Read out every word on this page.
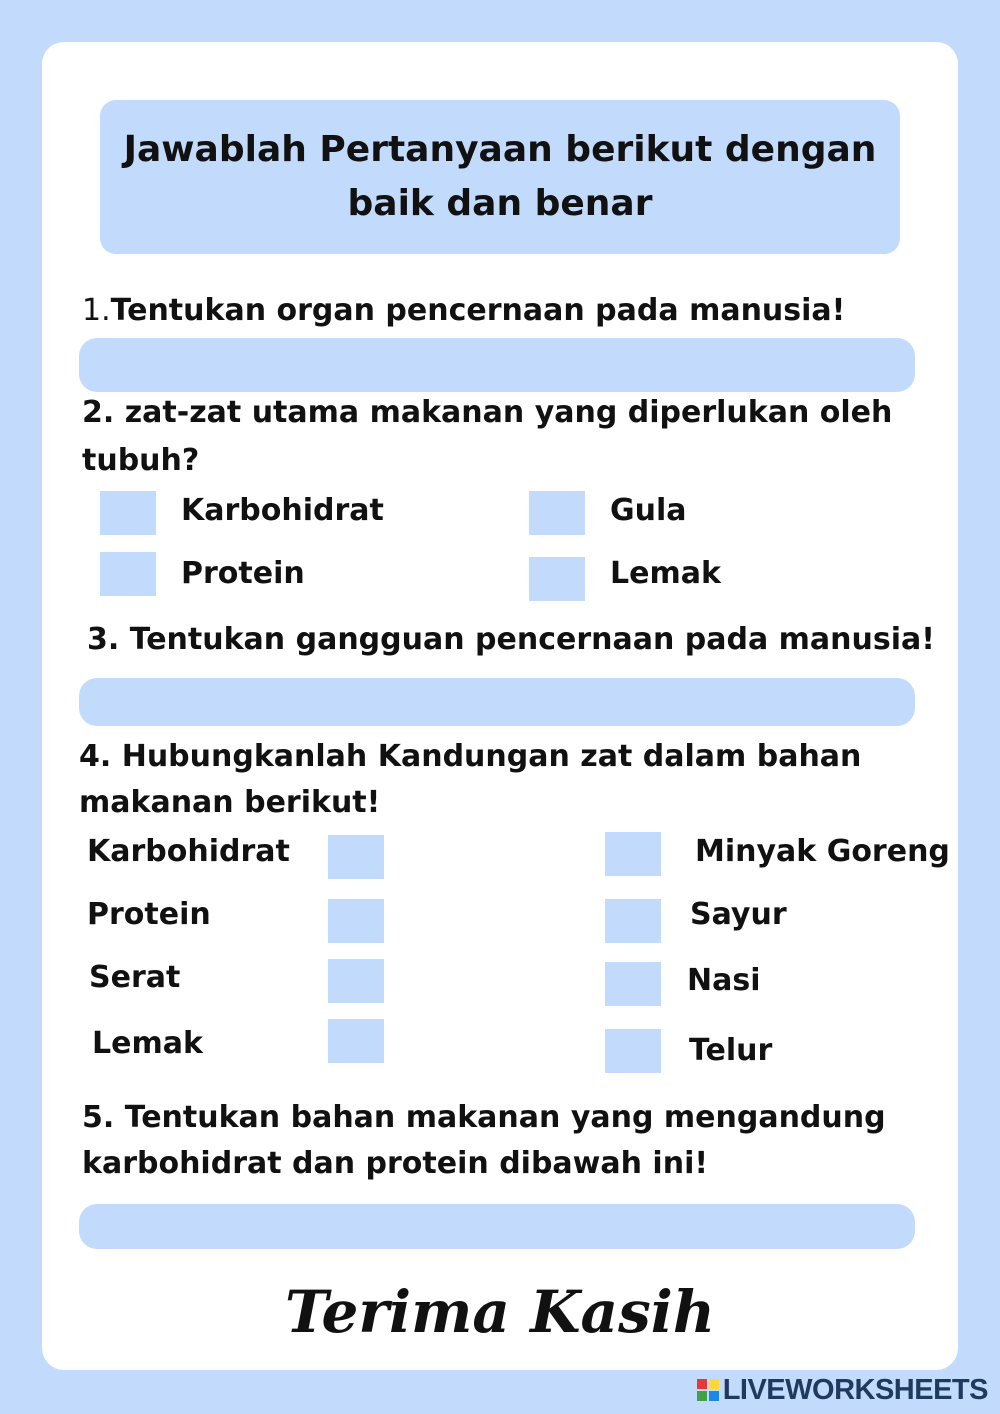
Jawablah Pertanyaan berikut dengan baik dan benar
1.Tentukan organ pencernaan pada manusia!
2. zat-zat utama makanan yang diperlukan oleh
tubuh?
Karbohidrat	Gula
Protein	Lemak
3. Tentukan gangguan pencernaan pada manusia!
4. Hubungkanlah Kandungan zat dalam bahan
makanan berikut!
Karbohidrat
Protein
Serat
Lemak
Minyak Goreng
Sayur
Nasi
Telur
5. Tentukan bahan makanan yang mengandung
karbohidrat dan protein dibawah ini!
Terima Kasih
LIVEWORKSHEETS
